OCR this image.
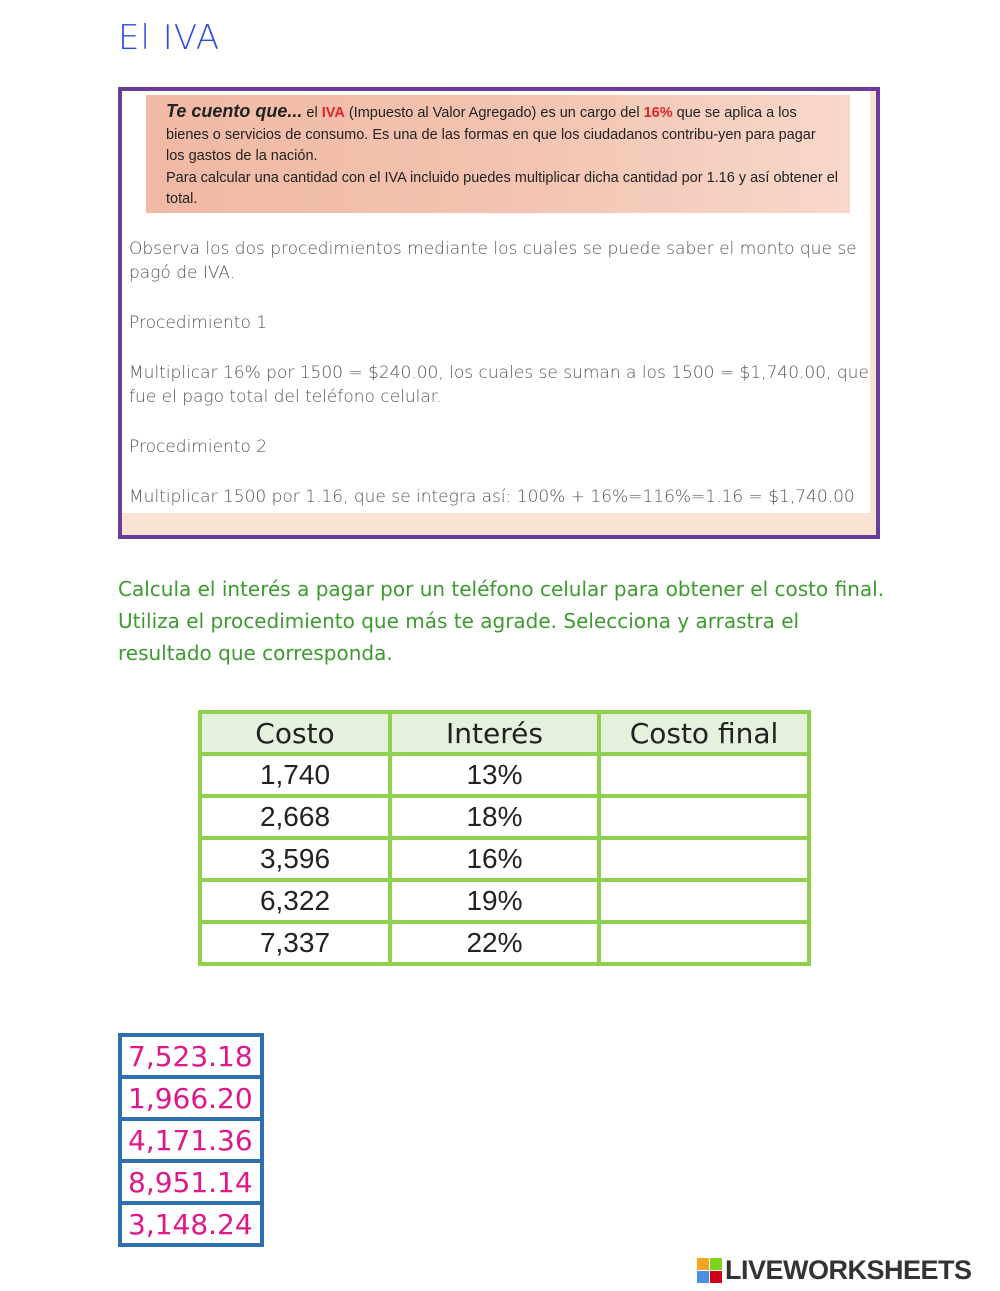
El IVA

Te cuento que... el IVA (Impuesto al Valor Agregado) es un cargo del 16% que se aplica a los bienes o servicios de consumo. Es una de las formas en que los ciudadanos contribu-yen para pagar los gastos de la nación.

Para calcular una cantidad con el IVA incluido puedes multiplicar dicha cantidad por 1.16 y así obtener el total.

Observa los dos procedimientos mediante los cuales se puede saber el monto que se pagó de IVA.
Procedimiento 1
Multiplicar 16% por 1500 = $240.00, los cuales se suman a los 1500 = $1,740.00, que fue el pago total del teléfono celular.
Procedimiento 2
Multiplicar 1500 por 1.16, que se integra así: 100% + 16%=116%=1.16 = $1,740.00
Calcula el interés a pagar por un teléfono celular para obtener el costo final. Utiliza el procedimiento que más te agrade. Selecciona y arrastra el resultado que corresponda.
Costo	Interés	Costo final
1,740	13%	
2,668	18%	
3,596	16%	
6,322	19%	
7,337	22%	
7,523.18
1,966.20
4,171.36
8,951.14
3,148.24
LIVEWORKSHEETS
